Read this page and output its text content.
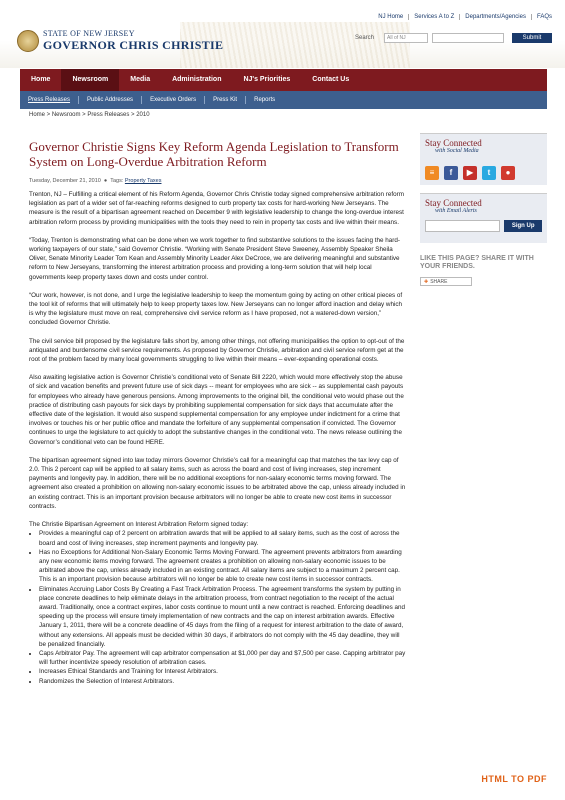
NJ Home	Services A to Z	Departments/Agencies	FAQs
STATE OF NEW JERSEY
GOVERNOR CHRIS CHRISTIE	Search	All of NJ	Submit
Home	Newsroom	Media	Administration	NJ's Priorities	Contact Us
Press Releases	Public Addresses	Executive Orders	Press Kit	Reports
Home > Newsroom > Press Releases > 2010
Governor Christie Signs Key Reform Agenda Legislation to Transform System on Long-Overdue Arbitration Reform
Tuesday, December 21, 2010  ●  Tags: Property Taxes

Trenton, NJ – Fulfilling a critical element of his Reform Agenda, Governor Chris Christie today signed comprehensive arbitration reform legislation as part of a wider set of far-reaching reforms designed to curb property tax costs for hard-working New Jerseyans. The measure is the result of a bipartisan agreement reached on December 9 with legislative leadership to change the long-overdue interest arbitration reform process by providing municipalities with the tools they need to rein in property tax costs and live within their means.

“Today, Trenton is demonstrating what can be done when we work together to find substantive solutions to the issues facing the hard-working taxpayers of our state,” said Governor Christie. “Working with Senate President Steve Sweeney, Assembly Speaker Sheila Oliver, Senate Minority Leader Tom Kean and Assembly Minority Leader Alex DeCroce, we are delivering meaningful and substantive reform to New Jerseyans, transforming the interest arbitration process and providing a long-term solution that will help local governments keep property taxes down and costs under control.

“Our work, however, is not done, and I urge the legislative leadership to keep the momentum going by acting on other critical pieces of the tool kit of reforms that will ultimately help to keep property taxes low. New Jerseyans can no longer afford inaction and delay which is why the legislature must move on real, comprehensive civil service reform as I have proposed, not a watered-down version,” concluded Governor Christie.

The civil service bill proposed by the legislature falls short by, among other things, not offering municipalities the option to opt-out of the antiquated and burdensome civil service requirements. As proposed by Governor Christie, arbitration and civil service reform get at the root of the problem faced by many local governments struggling to live within their means – ever-expanding operational costs.

Also awaiting legislative action is Governor Christie’s conditional veto of Senate Bill 2220, which would more effectively stop the abuse of sick and vacation benefits and prevent future use of sick days -- meant for employees who are sick -- as supplemental cash payouts for employees who already have generous pensions. Among improvements to the original bill, the conditional veto would phase out the practice of distributing cash payouts for sick days by prohibiting supplemental compensation for sick days that accumulate after the effective date of the legislation. It would also suspend supplemental compensation for any employee under indictment for a crime that involves or touches his or her public office and mandate the forfeiture of any supplemental compensation if convicted. The Governor continues to urge the legislature to act quickly to adopt the substantive changes in the conditional veto. The news release outlining the Governor’s conditional veto can be found HERE.

The bipartisan agreement signed into law today mirrors Governor Christie’s call for a meaningful cap that matches the tax levy cap of 2.0. This 2 percent cap will be applied to all salary items, such as across the board and cost of living increases, step increment payments and longevity pay. In addition, there will be no additional exceptions for non-salary economic terms moving forward. The agreement also created a prohibition on allowing non-salary economic issues to be arbitrated above the cap, unless already included in an existing contract. This is an important provision because arbitrators will no longer be able to create new cost items in successor contracts.

The Christie Bipartisan Agreement on Interest Arbitration Reform signed today:
• Provides a meaningful cap of 2 percent on arbitration awards that will be applied to all salary items, such as the cost of across the board and cost of living increases, step increment payments and longevity pay.
• Has no Exceptions for Additional Non-Salary Economic Terms Moving Forward. The agreement prevents arbitrators from awarding any new economic items moving forward. The agreement creates a prohibition on allowing non-salary economic issues to be arbitrated above the cap, unless already included in an existing contract. All salary items are subject to a maximum 2 percent cap. This is an important provision because arbitrators will no longer be able to create new cost items in successor contracts.
• Eliminates Accruing Labor Costs By Creating a Fast Track Arbitration Process. The agreement transforms the system by putting in place concrete deadlines to help eliminate delays in the arbitration process, from contract negotiation to the receipt of the actual award. Traditionally, once a contract expires, labor costs continue to mount until a new contract is reached. Enforcing deadlines and speeding up the process will ensure timely implementation of new contracts and the cap on interest arbitration awards. Effective January 1, 2011, there will be a concrete deadline of 45 days from the filing of a request for interest arbitration to the date of award, without any extensions. All appeals must be decided within 30 days, if arbitrators do not comply with the 45 day deadline, they will be penalized financially.
• Caps Arbitrator Pay. The agreement will cap arbitrator compensation at $1,000 per day and $7,500 per case. Capping arbitrator pay will further incentivize speedy resolution of arbitration cases.
• Increases Ethical Standards and Training for Interest Arbitrators.
• Randomizes the Selection of Interest Arbitrators.
Stay Connected
with Social Media
≡	f	▶	t	●
Stay Connected
with Email Alerts
Sign Up
LIKE THIS PAGE? SHARE IT WITH YOUR FRIENDS.
✚ SHARE
HTML TO PDF
